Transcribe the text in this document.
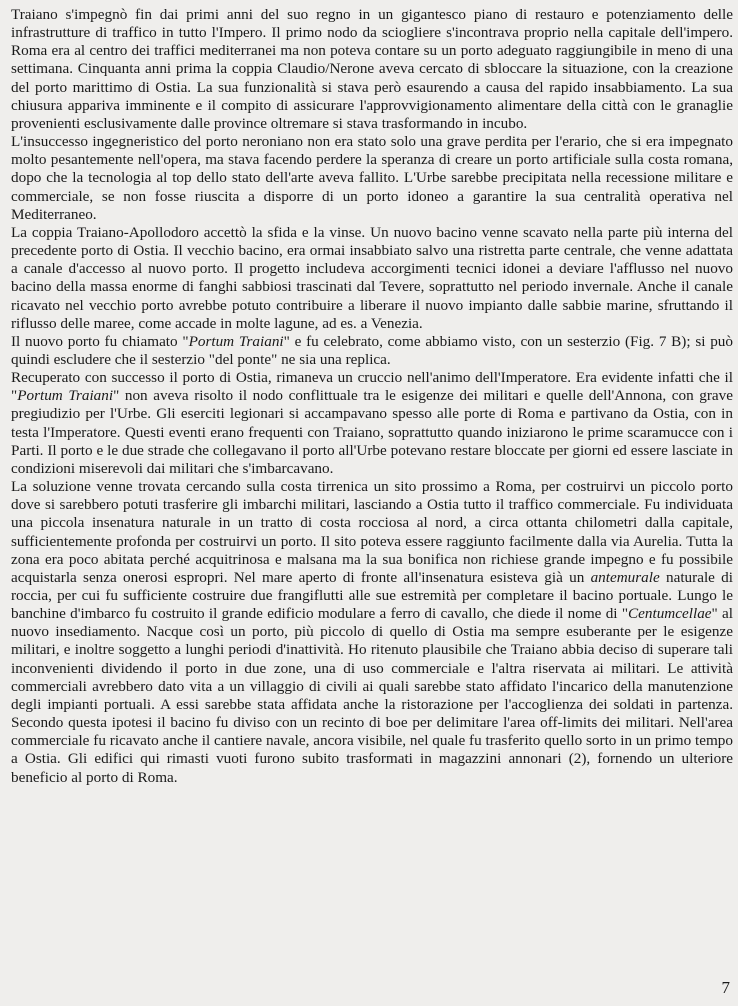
Traiano s'impegnò fin dai primi anni del suo regno in un gigantesco piano di restauro e potenziamento delle infrastrutture di traffico in tutto l'Impero. Il primo nodo da sciogliere s'incontrava proprio nella capitale dell'impero. Roma era al centro dei traffici mediterranei ma non poteva contare su un porto adeguato raggiungibile in meno di una settimana. Cinquanta anni prima la coppia Claudio/Nerone aveva cercato di sbloccare la situazione, con la creazione del porto marittimo di Ostia. La sua funzionalità si stava però esaurendo a causa del rapido insabbiamento. La sua chiusura appariva imminente e il compito di assicurare l'approvvigionamento alimentare della città con le granaglie provenienti esclusivamente dalle province oltremare si stava trasformando in incubo.

L'insuccesso ingegneristico del porto neroniano non era stato solo una grave perdita per l'erario, che si era impegnato molto pesantemente nell'opera, ma stava facendo perdere la speranza di creare un porto artificiale sulla costa romana, dopo che la tecnologia al top dello stato dell'arte aveva fallito. L'Urbe sarebbe precipitata nella recessione militare e commerciale, se non fosse riuscita a disporre di un porto idoneo a garantire la sua centralità operativa nel Mediterraneo.

La coppia Traiano-Apollodoro accettò la sfida e la vinse. Un nuovo bacino venne scavato nella parte più interna del precedente porto di Ostia. Il vecchio bacino, era ormai insabbiato salvo una ristretta parte centrale, che venne adattata a canale d'accesso al nuovo porto. Il progetto includeva accorgimenti tecnici idonei a deviare l'afflusso nel nuovo bacino della massa enorme di fanghi sabbiosi trascinati dal Tevere, soprattutto nel periodo invernale. Anche il canale ricavato nel vecchio porto avrebbe potuto contribuire a liberare il nuovo impianto dalle sabbie marine, sfruttando il riflusso delle maree, come accade in molte lagune, ad es. a Venezia.

Il nuovo porto fu chiamato "Portum Traiani" e fu celebrato, come abbiamo visto, con un sesterzio (Fig. 7 B); si può quindi escludere che il sesterzio "del ponte" ne sia una replica.

Recuperato con successo il porto di Ostia, rimaneva un cruccio nell'animo dell'Imperatore. Era evidente infatti che il "Portum Traiani" non aveva risolto il nodo conflittuale tra le esigenze dei militari e quelle dell'Annona, con grave pregiudizio per l'Urbe. Gli eserciti legionari si accampavano spesso alle porte di Roma e partivano da Ostia, con in testa l'Imperatore. Questi eventi erano frequenti con Traiano, soprattutto quando iniziarono le prime scaramucce con i Parti. Il porto e le due strade che collegavano il porto all'Urbe potevano restare bloccate per giorni ed essere lasciate in condizioni miserevoli dai militari che s'imbarcavano.

La soluzione venne trovata cercando sulla costa tirrenica un sito prossimo a Roma, per costruirvi un piccolo porto dove si sarebbero potuti trasferire gli imbarchi militari, lasciando a Ostia tutto il traffico commerciale. Fu individuata una piccola insenatura naturale in un tratto di costa rocciosa al nord, a circa ottanta chilometri dalla capitale, sufficientemente profonda per costruirvi un porto. Il sito poteva essere raggiunto facilmente dalla via Aurelia. Tutta la zona era poco abitata perché acquitrinosa e malsana ma la sua bonifica non richiese grande impegno e fu possibile acquistarla senza onerosi espropri. Nel mare aperto di fronte all'insenatura esisteva già un antemurale naturale di roccia, per cui fu sufficiente costruire due frangiflutti alle sue estremità per completare il bacino portuale. Lungo le banchine d'imbarco fu costruito il grande edificio modulare a ferro di cavallo, che diede il nome di "Centumcellae" al nuovo insediamento. Nacque così un porto, più piccolo di quello di Ostia ma sempre esuberante per le esigenze militari, e inoltre soggetto a lunghi periodi d'inattività. Ho ritenuto plausibile che Traiano abbia deciso di superare tali inconvenienti dividendo il porto in due zone, una di uso commerciale e l'altra riservata ai militari. Le attività commerciali avrebbero dato vita a un villaggio di civili ai quali sarebbe stato affidato l'incarico della manutenzione degli impianti portuali. A essi sarebbe stata affidata anche la ristorazione per l'accoglienza dei soldati in partenza. Secondo questa ipotesi il bacino fu diviso con un recinto di boe per delimitare l'area off-limits dei militari. Nell'area commerciale fu ricavato anche il cantiere navale, ancora visibile, nel quale fu trasferito quello sorto in un primo tempo a Ostia. Gli edifici qui rimasti vuoti furono subito trasformati in magazzini annonari (2), fornendo un ulteriore beneficio al porto di Roma.

7
